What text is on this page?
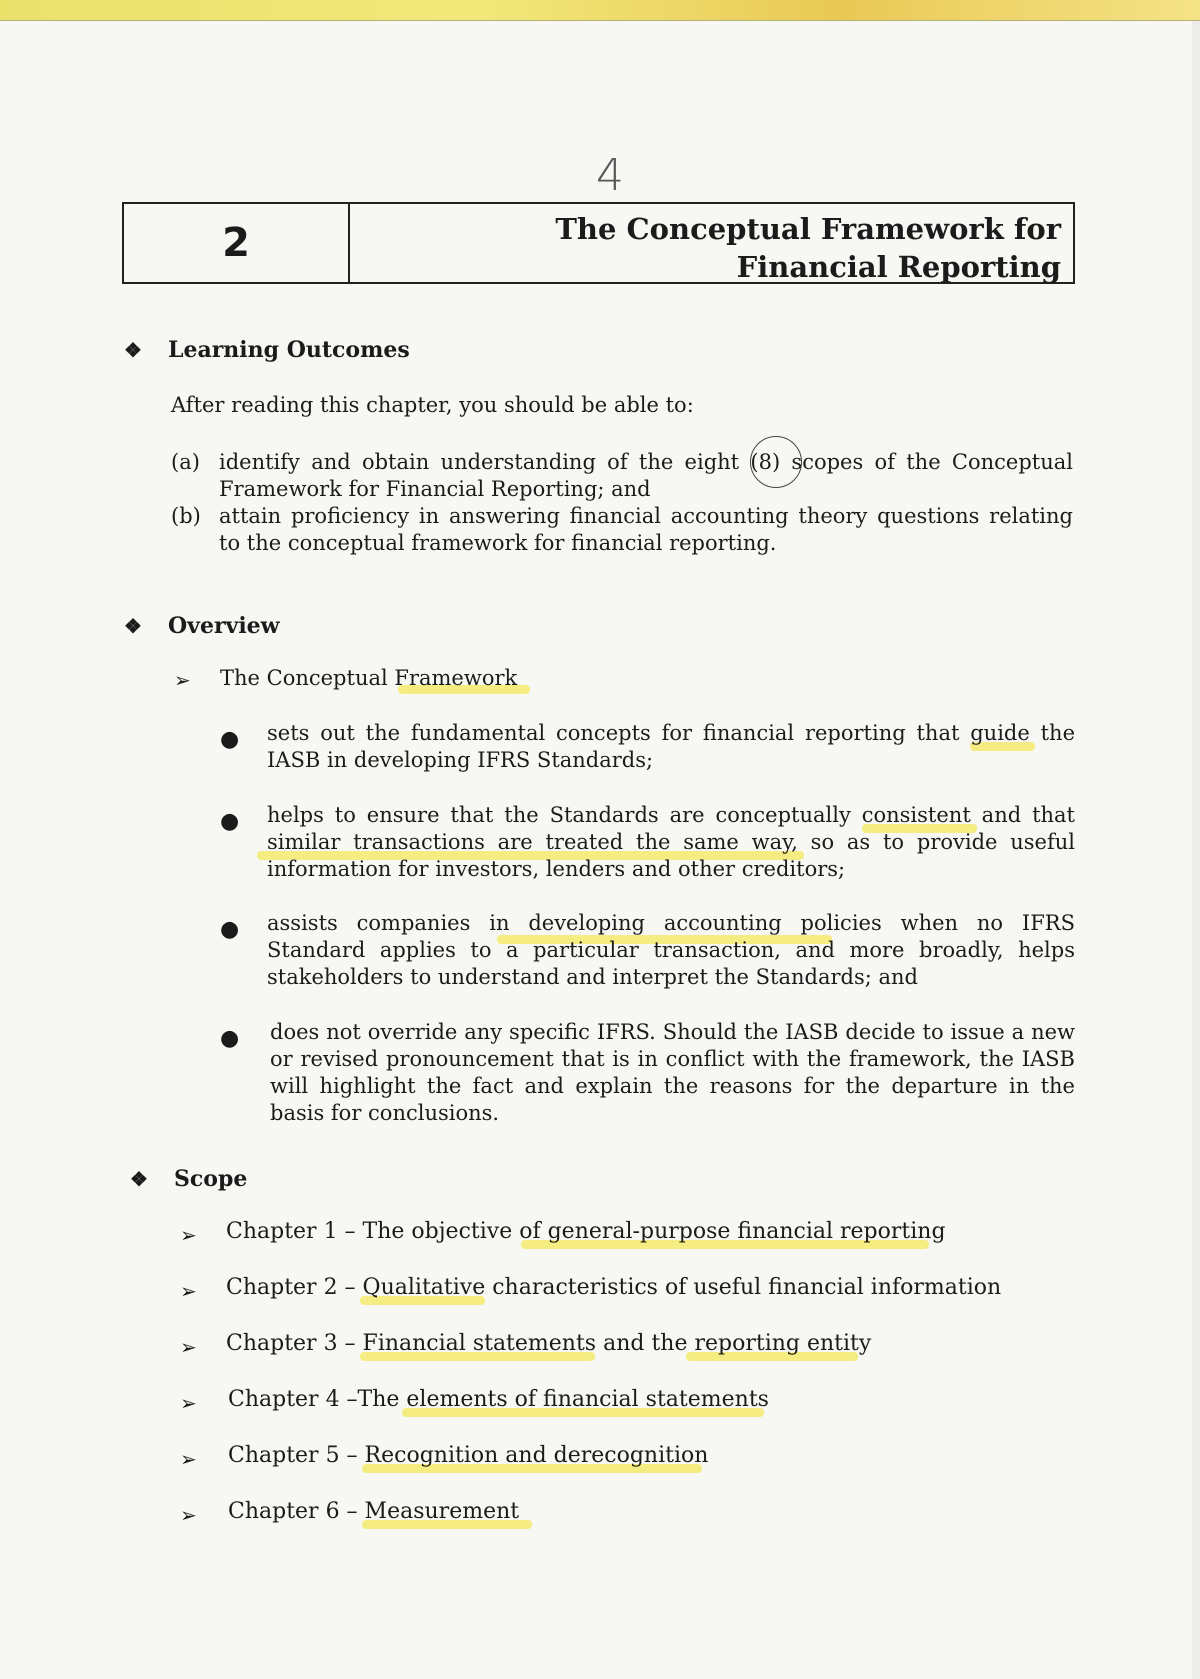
4
2	The Conceptual Framework for
Financial Reporting
❖ Learning Outcomes
After reading this chapter, you should be able to:
(a) identify and obtain understanding of the eight (8) scopes of the Conceptual Framework for Financial Reporting; and
(b) attain proficiency in answering financial accounting theory questions relating to the conceptual framework for financial reporting.
❖ Overview
➢ The Conceptual Framework
● sets out the fundamental concepts for financial reporting that guide the IASB in developing IFRS Standards;
● helps to ensure that the Standards are conceptually consistent and that similar transactions are treated the same way, so as to provide useful information for investors, lenders and other creditors;
● assists companies in developing accounting policies when no IFRS Standard applies to a particular transaction, and more broadly, helps stakeholders to understand and interpret the Standards; and
● does not override any specific IFRS. Should the IASB decide to issue a new or revised pronouncement that is in conflict with the framework, the IASB will highlight the fact and explain the reasons for the departure in the basis for conclusions.
❖ Scope
➢ Chapter 1 – The objective of general-purpose financial reporting
➢ Chapter 2 – Qualitative characteristics of useful financial information
➢ Chapter 3 – Financial statements and the reporting entity
➢ Chapter 4 –The elements of financial statements
➢ Chapter 5 – Recognition and derecognition
➢ Chapter 6 – Measurement
